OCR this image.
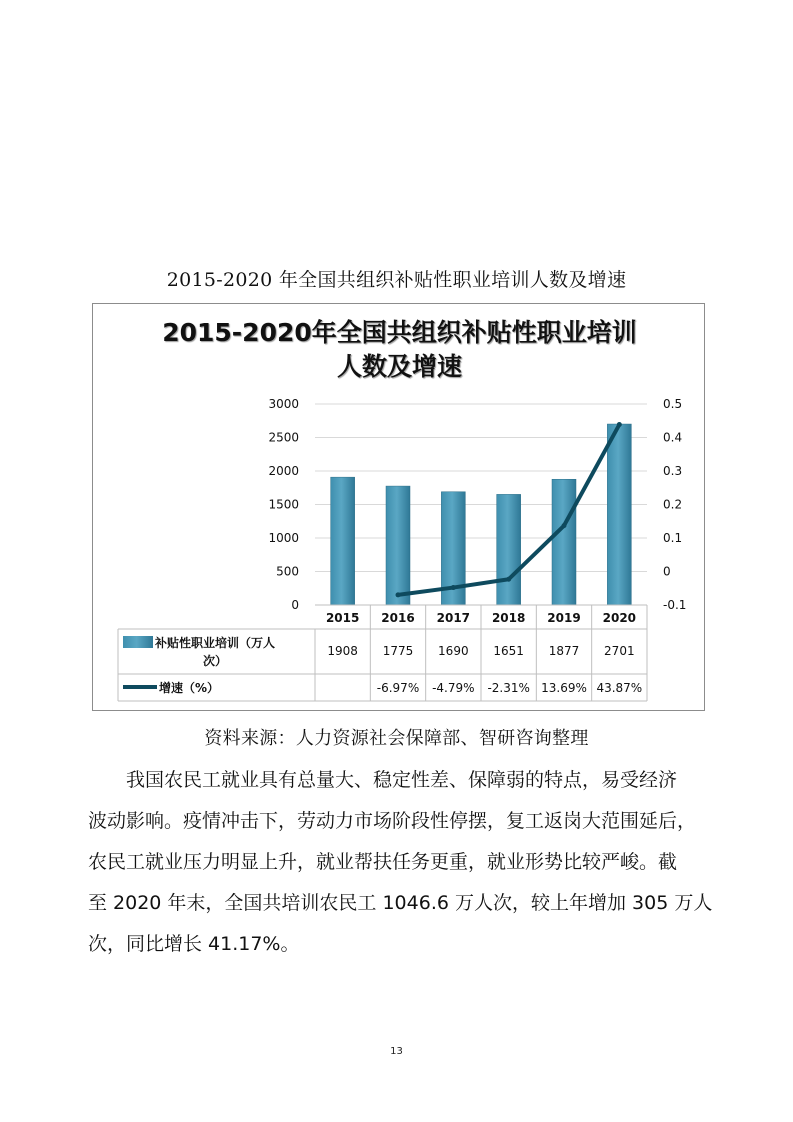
2015-2020 年全国共组织补贴性职业培训人数及增速
2015-2020年全国共组织补贴性职业培训
人数及增速
0
500
1000
1500
2000
2500
3000
-0.1
0
0.1
0.2
0.3
0.4
0.5
2015 2016 2017 2018 2019 2020
1908 1775 1690 1651 1877 2701
-6.97% -4.79% -2.31% 13.69% 43.87%
补贴性职业培训（万人
次）
增速（%）
资料来源：人力资源社会保障部、智研咨询整理
我国农民工就业具有总量大、稳定性差、保障弱的特点，易受经济
波动影响。疫情冲击下，劳动力市场阶段性停摆，复工返岗大范围延后，
农民工就业压力明显上升，就业帮扶任务更重，就业形势比较严峻。截
至 2020 年末，全国共培训农民工 1046.6 万人次，较上年增加 305 万人
次，同比增长 41.17%。
13
